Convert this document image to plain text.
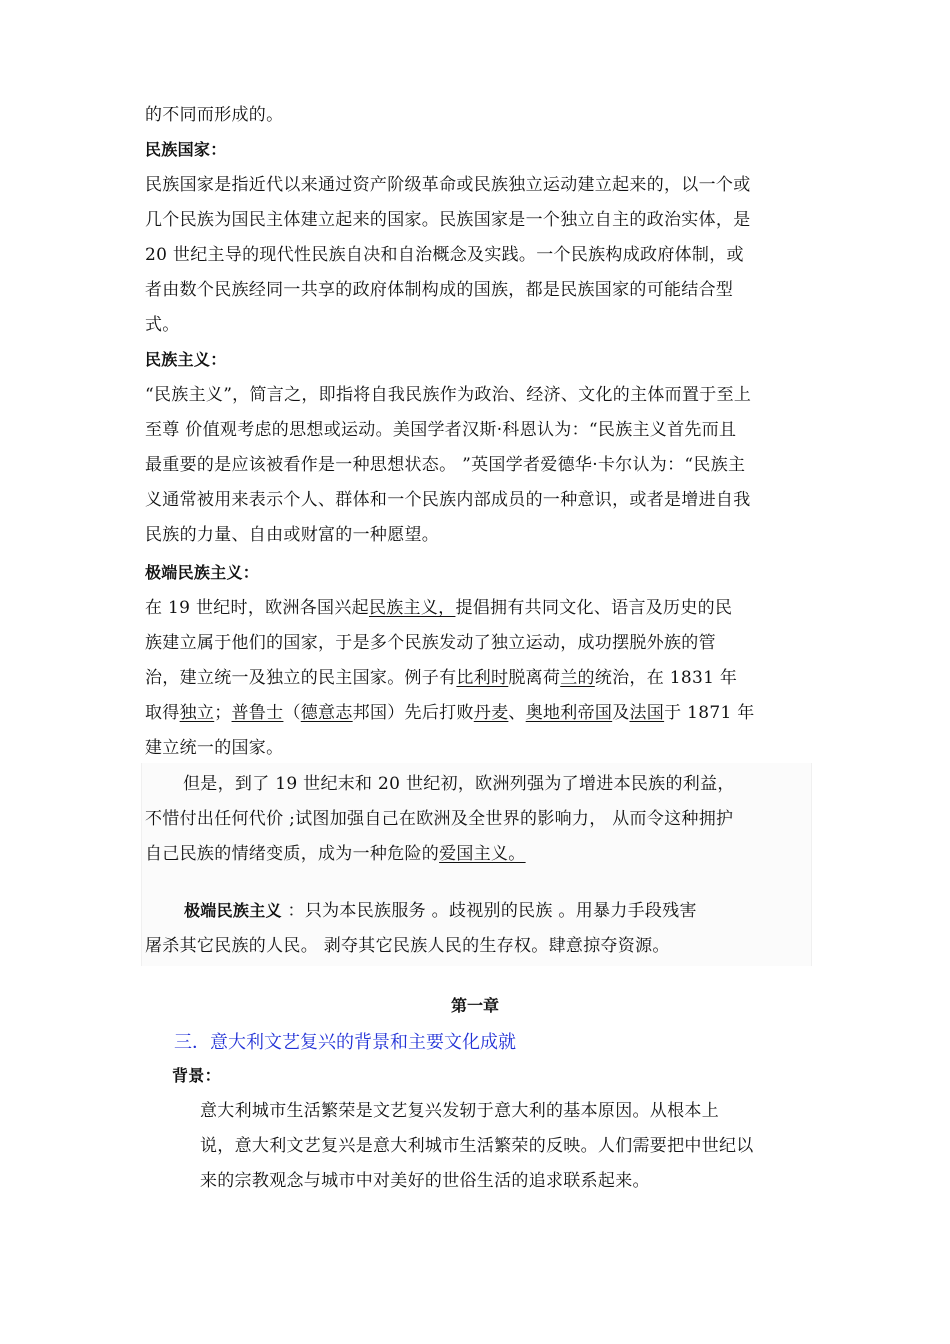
的不同而形成的。
民族国家：
民族国家是指近代以来通过资产阶级革命或民族独立运动建立起来的，以一个或
几个民族为国民主体建立起来的国家。民族国家是一个独立自主的政治实体，是
20 世纪主导的现代性民族自决和自治概念及实践。一个民族构成政府体制，或
者由数个民族经同一共享的政府体制构成的国族，都是民族国家的可能结合型
式。
民族主义：
“民族主义”，简言之，即指将自我民族作为政治、经济、文化的主体而置于至上
至尊 价值观考虑的思想或运动。美国学者汉斯·科恩认为：“民族主义首先而且
最重要的是应该被看作是一种思想状态。 ”英国学者爱德华·卡尔认为：“民族主
义通常被用来表示个人、群体和一个民族内部成员的一种意识，或者是增进自我
民族的力量、自由或财富的一种愿望。
极端民族主义：
在 19 世纪时，欧洲各国兴起民族主义，提倡拥有共同文化、语言及历史的民
族建立属于他们的国家，于是多个民族发动了独立运动，成功摆脱外族的管
治，建立统一及独立的民主国家。例子有比利时脱离荷兰的统治，在 1831 年
取得独立；普鲁士（德意志邦国）先后打败丹麦、奥地利帝国及法国于 1871 年
建立统一的国家。
但是，到了 19 世纪末和 20 世纪初，欧洲列强为了增进本民族的利益，
不惜付出任何代价 ;试图加强自己在欧洲及全世界的影响力， 从而令这种拥护
自己民族的情绪变质，成为一种危险的爱国主义。
极端民族主义 ：只为本民族服务 。歧视别的民族 。用暴力手段残害
屠杀其它民族的人民。 剥夺其它民族人民的生存权。肆意掠夺资源。
第一章
三．意大利文艺复兴的背景和主要文化成就
背景：
意大利城市生活繁荣是文艺复兴发轫于意大利的基本原因。从根本上
说，意大利文艺复兴是意大利城市生活繁荣的反映。人们需要把中世纪以
来的宗教观念与城市中对美好的世俗生活的追求联系起来。
